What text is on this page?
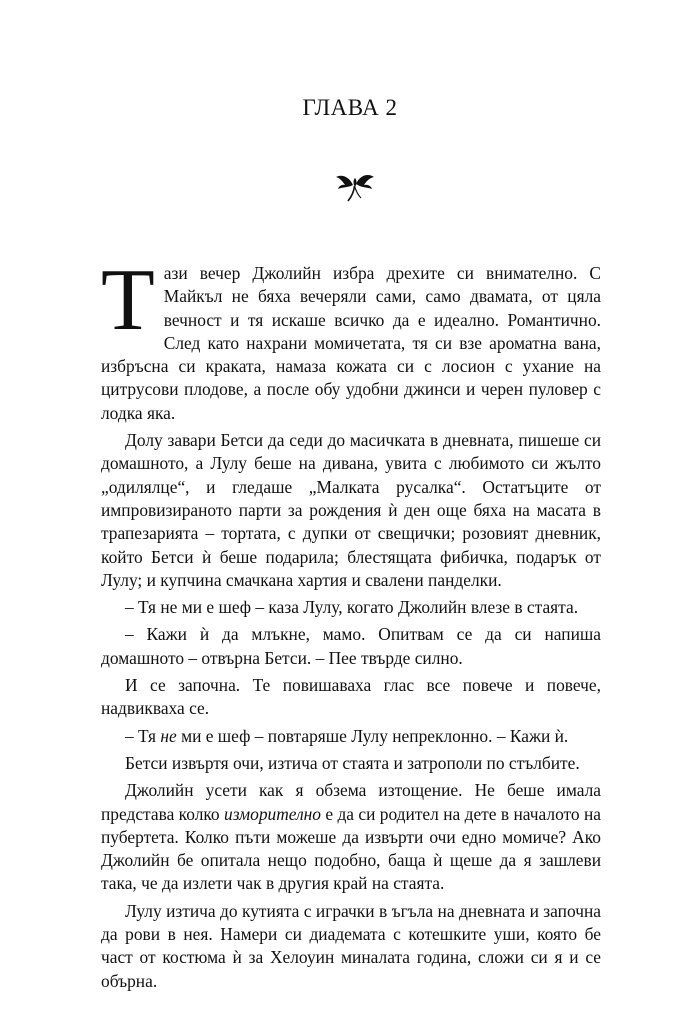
ГЛАВА 2

Тази вечер Джолийн избра дрехите си внимателно. С Майкъл не бяха вечеряли сами, само двамата, от цяла вечност и тя искаше всичко да е идеално. Романтично. След като нахрани момичетата, тя си взе ароматна вана, избръсна си краката, намаза кожата си с лосион с ухание на цитрусови плодове, а после обу удобни джинси и черен пуловер с лодка яка.

Долу завари Бетси да седи до масичката в дневната, пишеше си домашното, а Лулу беше на дивана, увита с любимото си жълто „одилялце“, и гледаше „Малката русалка“. Остатъците от импровизираното парти за рождения ѝ ден още бяха на масата в трапезарията – тортата, с дупки от свещички; розовият дневник, който Бетси ѝ беше подарила; блестящата фибичка, подарък от Лулу; и купчина смачкана хартия и свалени панделки.

– Тя не ми е шеф – каза Лулу, когато Джолийн влезе в стаята.

– Кажи ѝ да млъкне, мамо. Опитвам се да си напиша домашното – отвърна Бетси. – Пее твърде силно.

И се започна. Те повишаваха глас все повече и повече, надвикваха се.

– Тя не ми е шеф – повтаряше Лулу непреклонно. – Кажи ѝ.

Бетси извъртя очи, изтича от стаята и затрополи по стълбите.

Джолийн усети как я обзема изтощение. Не беше имала представа колко изморително е да си родител на дете в началото на пубертета. Колко пъти можеше да извърти очи едно момиче? Ако Джолийн бе опитала нещо подобно, баща ѝ щеше да я зашлеви така, че да излети чак в другия край на стаята.

Лулу изтича до кутията с играчки в ъгъла на дневната и започна да рови в нея. Намери си диадемата с котешките уши, която бе част от костюма ѝ за Хелоуин миналата година, сложи си я и се обърна.
